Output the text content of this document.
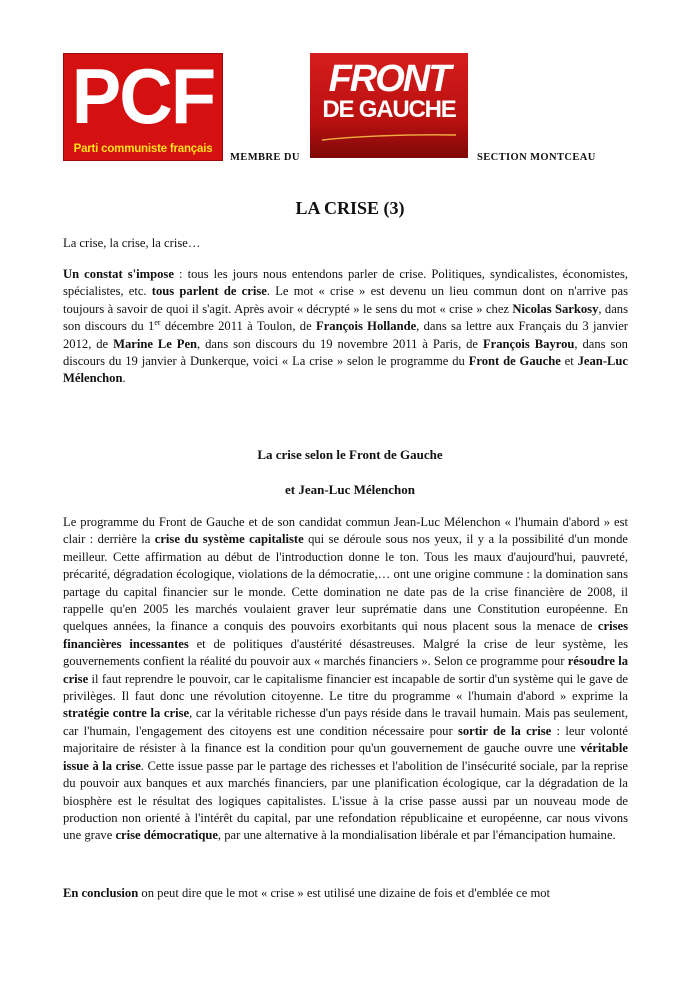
PCF
Parti communiste français
MEMBRE DU
FRONT
DE GAUCHE
SECTION MONTCEAU
LA CRISE (3)
La crise, la crise, la crise…
Un constat s'impose : tous les jours nous entendons parler de crise. Politiques, syndicalistes, économistes, spécialistes, etc. tous parlent de crise. Le mot « crise » est devenu un lieu commun dont on n'arrive pas toujours à savoir de quoi il s'agit. Après avoir « décrypté » le sens du mot « crise » chez Nicolas Sarkosy, dans son discours du 1er décembre 2011 à Toulon, de François Hollande, dans sa lettre aux Français du 3 janvier 2012, de Marine Le Pen, dans son discours du 19 novembre 2011 à Paris, de François Bayrou, dans son discours du 19 janvier à Dunkerque, voici « La crise » selon le programme du Front de Gauche et Jean-Luc Mélenchon.
La crise selon le Front de Gauche
et Jean-Luc Mélenchon
Le programme du Front de Gauche et de son candidat commun Jean-Luc Mélenchon « l'humain d'abord » est clair : derrière la crise du système capitaliste qui se déroule sous nos yeux, il y a la possibilité d'un monde meilleur. Cette affirmation au début de l'introduction donne le ton. Tous les maux d'aujourd'hui, pauvreté, précarité, dégradation écologique, violations de la démocratie,… ont une origine commune : la domination sans partage du capital financier sur le monde. Cette domination ne date pas de la crise financière de 2008, il rappelle qu'en 2005 les marchés voulaient graver leur suprématie dans une Constitution européenne. En quelques années, la finance a conquis des pouvoirs exorbitants qui nous placent sous la menace de crises financières incessantes et de politiques d'austérité désastreuses. Malgré la crise de leur système, les gouvernements confient la réalité du pouvoir aux « marchés financiers ». Selon ce programme pour résoudre la crise il faut reprendre le pouvoir, car le capitalisme financier est incapable de sortir d'un système qui le gave de privilèges. Il faut donc une révolution citoyenne. Le titre du programme « l'humain d'abord » exprime la stratégie contre la crise, car la véritable richesse d'un pays réside dans le travail humain. Mais pas seulement, car l'humain, l'engagement des citoyens est une condition nécessaire pour sortir de la crise : leur volonté majoritaire de résister à la finance est la condition pour qu'un gouvernement de gauche ouvre une véritable issue à la crise. Cette issue passe par le partage des richesses et l'abolition de l'insécurité sociale, par la reprise du pouvoir aux banques et aux marchés financiers, par une planification écologique, car la dégradation de la biosphère est le résultat des logiques capitalistes. L'issue à la crise passe aussi par un nouveau mode de production non orienté à l'intérêt du capital, par une refondation républicaine et européenne, car nous vivons une grave crise démocratique, par une alternative à la mondialisation libérale et par l'émancipation humaine.
En conclusion on peut dire que le mot « crise » est utilisé une dizaine de fois et d'emblée ce mot
